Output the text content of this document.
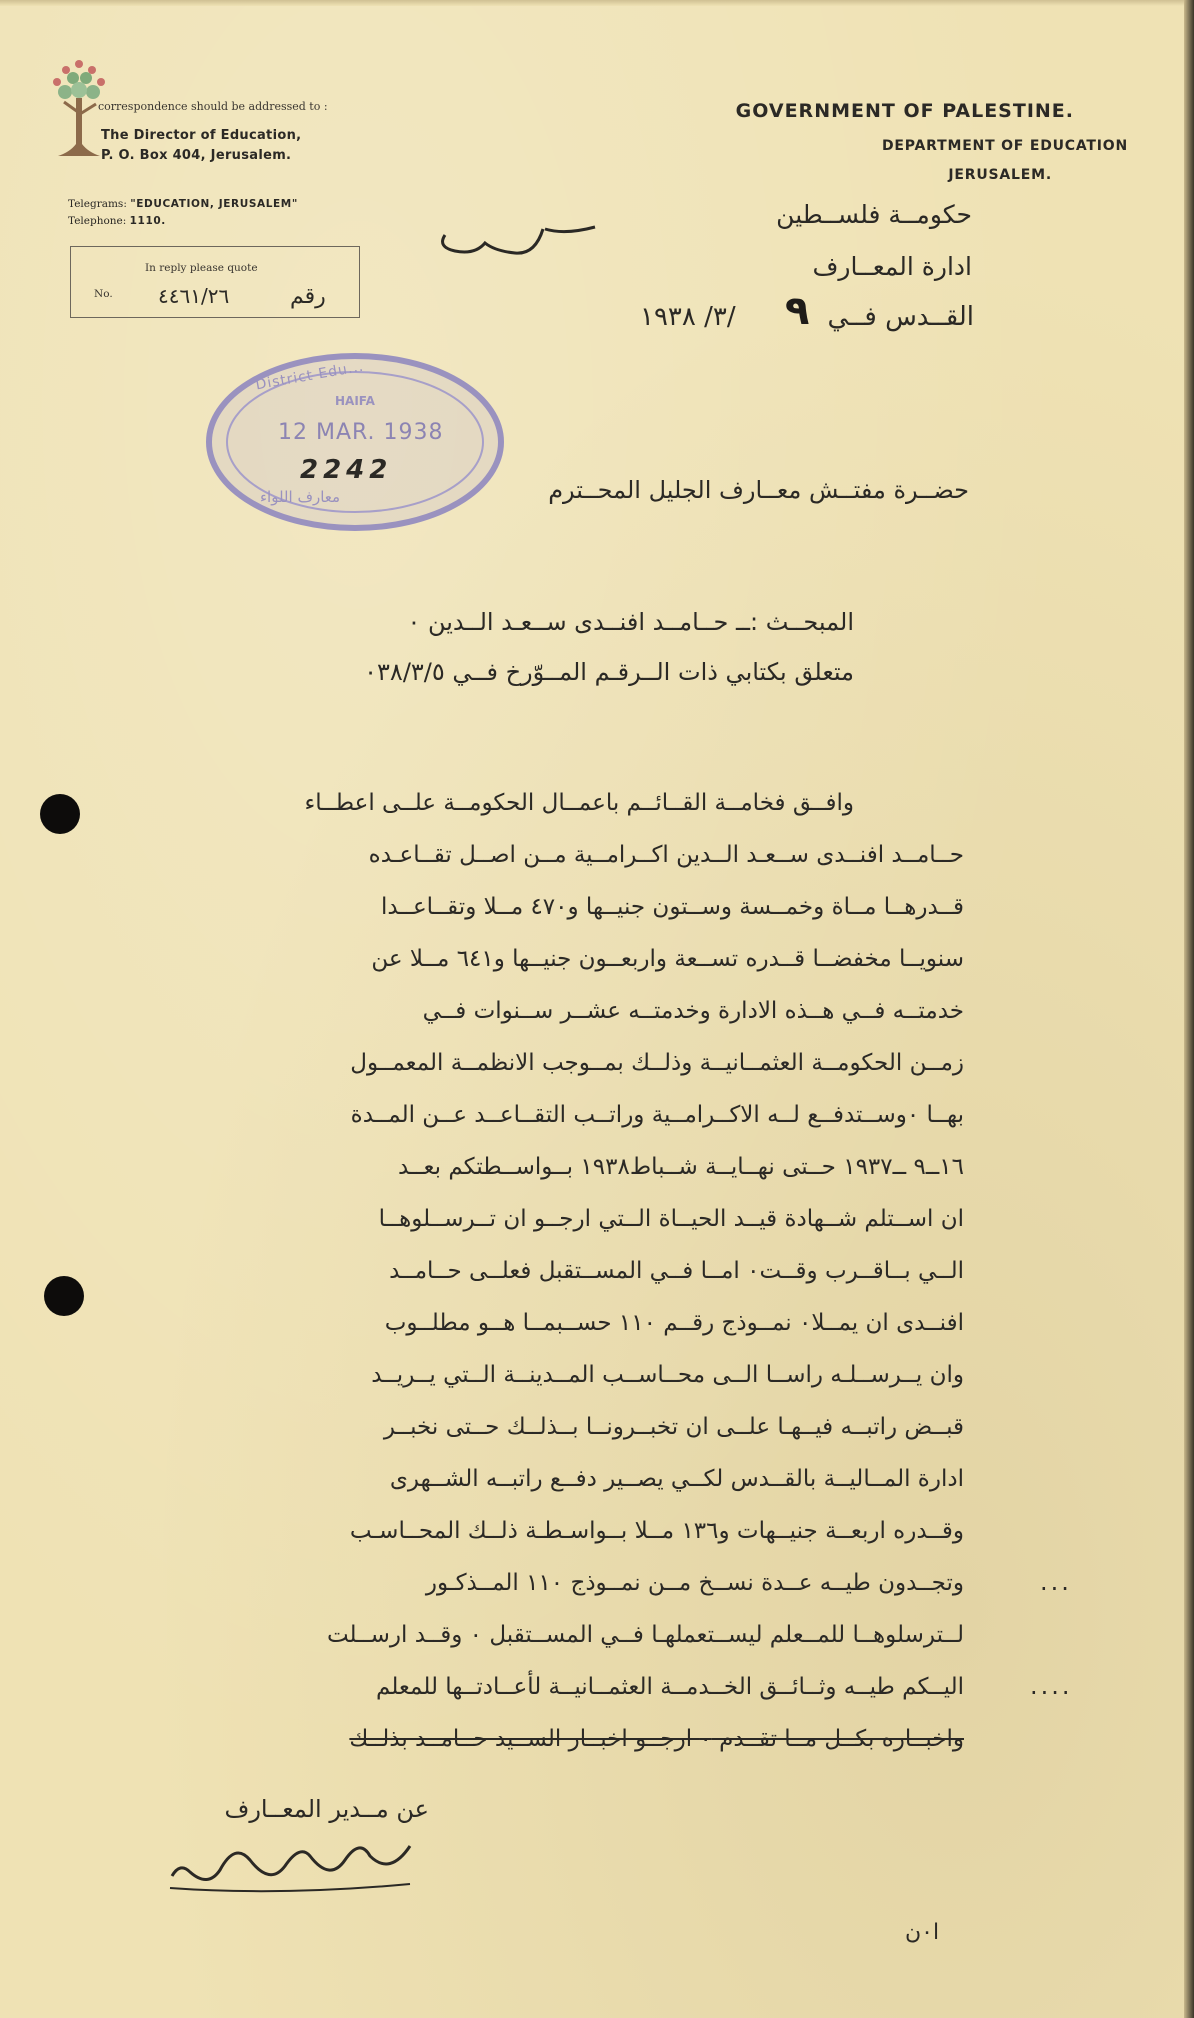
correspondence should be addressed to :
The Director of Education,
P. O. Box 404, Jerusalem.
Telegrams: "EDUCATION, JERUSALEM"
Telephone: 1110.
In reply please quote
No. ٤٤٦١/٢٦	رقم
GOVERNMENT OF PALESTINE.
DEPARTMENT OF EDUCATION
JERUSALEM.
حكومــة فلســطين
ادارة المعــارف
القــدس فــي
٩
/٣/ ١٩٣٨
District Edu...
HAIFA
12 MAR. 1938
2242
معارف اللواء	حضــرة مفتــش معــارف الجليل المحــترم
المبحــث :ــ حــامــد افنــدى ســعـد الــدين ٠
متعلق بكتابي ذات الــرقـم المــوّرخ فــي ٠٣٨/٣/٥
وافــق فخامــة القــائــم باعمــال الحكومــة علــى اعطــاء
حــامــد افنــدى ســعـد الــدين اكــرامــية مــن اصــل تقــاعـده
قــدرهــا مــاة وخمــسة وســتون جنيــها و٤٧٠ مــلا وتقــاعــدا
سنويــا مخفضــا قــدره تســعة واربعــون جنيــها و٦٤١ مــلا عن
خدمتــه فــي هــذه الادارة وخدمتــه عشــر ســنوات فــي
زمــن الحكومــة العثمــانيــة وذلــك بمــوجب الانظمــة المعمــول
بهــا ٠وســتدفــع لــه الاكــرامــية وراتــب التقــاعــد عــن المــدة
١٦ــ٩ ــ١٩٣٧ حــتى نهــايــة شــباط١٩٣٨ بــواســطتكم بعــد
ان اســتلم شــهادة قيــد الحيــاة الــتي ارجــو ان تــرســلوهــا
الــي بــاقــرب وقــت٠ امــا فــي المســتقبل فعلــى حــامــد
افنــدى ان يمــلا٠ نمــوذج رقــم ١١٠ حســبمــا هــو مطلــوب
وان يــرســلـه راســا الــى محــاســب المــدينــة الــتي يــريــد
قبــض راتبــه فيــهـا علــى ان تخبــرونــا بــذلــك حــتى نخبــر
ادارة المــاليــة بالقــدس لكــي يصــير دفــع راتبــه الشــهرى
وقــدره اربعــة جنيــهات و١٣٦ مــلا بــواسـطـة ذلــك المحــاسـب
وتجــدون طيــه عــدة نســخ مــن نمــوذج ١١٠ المــذكـور
لــترسلوهــا للمــعلم ليســتعملهـا فــي المســتقبل ٠ وقــد ارســلت
اليــكم طيــه وثــائــق الخــدمــة العثمــانيــة لأعــادتــها للمعلم
واخبــاره بكــل مــا تقــدم ٠ ارجــو اخبــار الســيد حــامــد بذلــك
...
....
عن مــدير المعــارف
ا٠ن
